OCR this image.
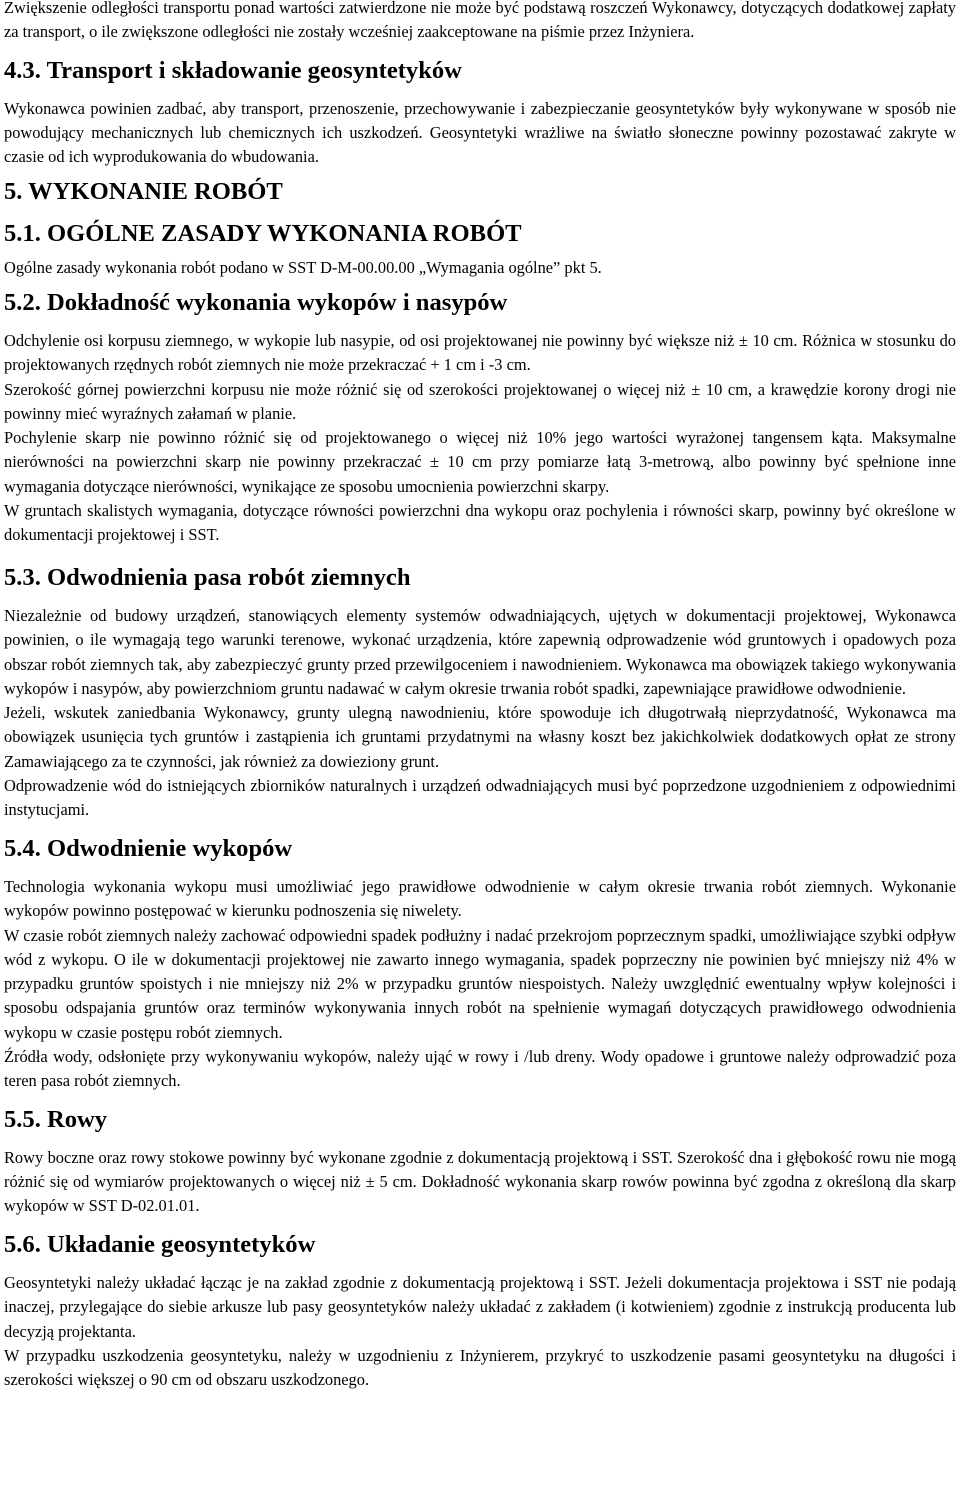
Zwiększenie odległości transportu ponad wartości zatwierdzone nie może być podstawą roszczeń Wykonawcy, dotyczących dodatkowej zapłaty za transport, o ile zwiększone odległości nie zostały wcześniej zaakceptowane na piśmie przez Inżyniera.

4.3. Transport i składowanie geosyntetyków

Wykonawca powinien zadbać, aby transport, przenoszenie, przechowywanie i zabezpieczanie geosyntetyków były wykonywane w sposób nie powodujący mechanicznych lub chemicznych ich uszkodzeń. Geosyntetyki wrażliwe na światło słoneczne powinny pozostawać zakryte w czasie od ich wyprodukowania do wbudowania.

5. WYKONANIE ROBÓT
5.1. OGÓLNE ZASADY WYKONANIA ROBÓT

Ogólne zasady wykonania robót podano w SST D-M-00.00.00 „Wymagania ogólne” pkt 5.

5.2. Dokładność wykonania wykopów i nasypów

Odchylenie osi korpusu ziemnego, w wykopie lub nasypie, od osi projektowanej nie powinny być większe niż ± 10 cm. Różnica w stosunku do projektowanych rzędnych robót ziemnych nie może przekraczać + 1 cm i -3 cm.

Szerokość górnej powierzchni korpusu nie może różnić się od szerokości projektowanej o więcej niż ± 10 cm, a krawędzie korony drogi nie powinny mieć wyraźnych załamań w planie.

Pochylenie skarp nie powinno różnić się od projektowanego o więcej niż 10% jego wartości wyrażonej tangensem kąta. Maksymalne nierówności na powierzchni skarp nie powinny przekraczać ± 10 cm przy pomiarze łatą 3-metrową, albo powinny być spełnione inne wymagania dotyczące nierówności, wynikające ze sposobu umocnienia powierzchni skarpy.

W gruntach skalistych wymagania, dotyczące równości powierzchni dna wykopu oraz pochylenia i równości skarp, powinny być określone w dokumentacji projektowej i SST.

5.3. Odwodnienia pasa robót ziemnych

Niezależnie od budowy urządzeń, stanowiących elementy systemów odwadniających, ujętych w dokumentacji projektowej, Wykonawca powinien, o ile wymagają tego warunki terenowe, wykonać urządzenia, które zapewnią odprowadzenie wód gruntowych i opadowych poza obszar robót ziemnych tak, aby zabezpieczyć grunty przed przewilgoceniem i nawodnieniem. Wykonawca ma obowiązek takiego wykonywania wykopów i nasypów, aby powierzchniom gruntu nadawać w całym okresie trwania robót spadki, zapewniające prawidłowe odwodnienie.

Jeżeli, wskutek zaniedbania Wykonawcy, grunty ulegną nawodnieniu, które spowoduje ich długotrwałą nieprzydatność, Wykonawca ma obowiązek usunięcia tych gruntów i zastąpienia ich gruntami przydatnymi na własny koszt bez jakichkolwiek dodatkowych opłat ze strony Zamawiającego za te czynności, jak również za dowieziony grunt.

Odprowadzenie wód do istniejących zbiorników naturalnych i urządzeń odwadniających musi być poprzedzone uzgodnieniem z odpowiednimi instytucjami.

5.4. Odwodnienie wykopów

Technologia wykonania wykopu musi umożliwiać jego prawidłowe odwodnienie w całym okresie trwania robót ziemnych. Wykonanie wykopów powinno postępować w kierunku podnoszenia się niwelety.

W czasie robót ziemnych należy zachować odpowiedni spadek podłużny i nadać przekrojom poprzecznym spadki, umożliwiające szybki odpływ wód z wykopu. O ile w dokumentacji projektowej nie zawarto innego wymagania, spadek poprzeczny nie powinien być mniejszy niż 4% w przypadku gruntów spoistych i nie mniejszy niż 2% w przypadku gruntów niespoistych. Należy uwzględnić ewentualny wpływ kolejności i sposobu odspajania gruntów oraz terminów wykonywania innych robót na spełnienie wymagań dotyczących prawidłowego odwodnienia wykopu w czasie postępu robót ziemnych.

Źródła wody, odsłonięte przy wykonywaniu wykopów, należy ująć w rowy i /lub dreny. Wody opadowe i gruntowe należy odprowadzić poza teren pasa robót ziemnych.

5.5. Rowy

Rowy boczne oraz rowy stokowe powinny być wykonane zgodnie z dokumentacją projektową i SST. Szerokość dna i głębokość rowu nie mogą różnić się od wymiarów projektowanych o więcej niż ± 5 cm. Dokładność wykonania skarp rowów powinna być zgodna z określoną dla skarp wykopów w SST D-02.01.01.

5.6. Układanie geosyntetyków

Geosyntetyki należy układać łącząc je na zakład zgodnie z dokumentacją projektową i SST. Jeżeli dokumentacja projektowa i SST nie podają inaczej, przylegające do siebie arkusze lub pasy geosyntetyków należy układać z zakładem (i kotwieniem) zgodnie z instrukcją producenta lub decyzją projektanta.

W przypadku uszkodzenia geosyntetyku, należy w uzgodnieniu z Inżynierem, przykryć to uszkodzenie pasami geosyntetyku na długości i szerokości większej o 90 cm od obszaru uszkodzonego.
